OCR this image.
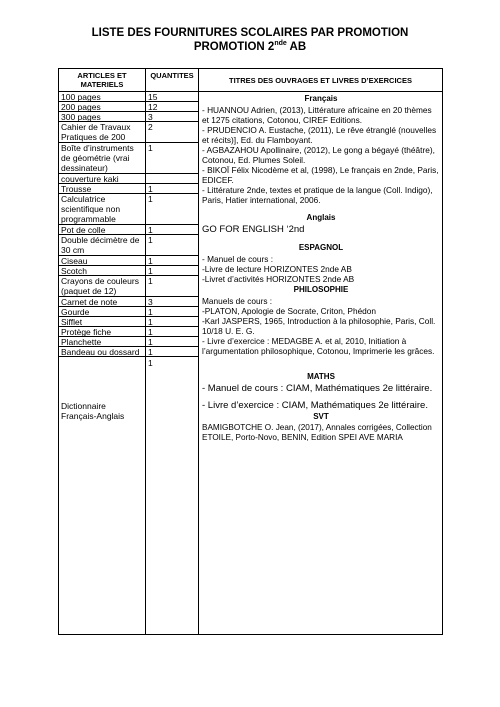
LISTE DES FOURNITURES SCOLAIRES PAR PROMOTION
PROMOTION 2nde AB
ARTICLES ET MATERIELS
QUANTITES
TITRES DES OUVRAGES ET LIVRES D’EXERCICES
100 pages
200 pages
300 pages
Cahier de Travaux Pratiques de 200
Boîte d’instruments de géométrie (vrai dessinateur)
couverture kaki
Trousse
Calculatrice scientifique non programmable
Pot de colle
Double décimètre de 30 cm
Ciseau
Scotch
Crayons de couleurs (paquet de 12)
Carnet de note
Gourde
Sifflet
Protège fiche
Planchette
Bandeau ou dossard
Dictionnaire Français-Anglais
15
12
3
2
1
1
1
1
1
1
1
1
3
1
1
1
1
1
1
Français

- HUANNOU Adrien, (2013), Littérature africaine en 20 thèmes et 1275 citations, Cotonou, CIREF Editions.

- PRUDENCIO A. Eustache, (2011), Le rêve étranglé (nouvelles et récits)], Ed. du Flamboyant.

- AGBAZAHOU Apollinaire, (2012), Le gong a bégayé (théâtre), Cotonou, Ed. Plumes Soleil.

- BIKOÏ Félix Nicodème et al, (1998), Le français en 2nde, Paris, EDICEF.

- Littérature 2nde, textes et pratique de la langue (Coll. Indigo), Paris, Hatier international, 2006.

Anglais

GO FOR ENGLISH ‘2nd

ESPAGNOL

- Manuel de cours :

-Livre de lecture HORIZONTES 2nde AB

-Livret d’activités HORIZONTES 2nde AB

PHILOSOPHIE

Manuels de cours :

-PLATON, Apologie de Socrate, Criton, Phédon

-Karl JASPERS, 1965, Introduction à la philosophie, Paris, Coll. 10/18 U. E. G.

- Livre d’exercice : MEDAGBE A. et al, 2010, Initiation à l’argumentation philosophique, Cotonou, Imprimerie les grâces.

MATHS

- Manuel de cours : CIAM, Mathématiques 2e littéraire.

- Livre d’exercice : CIAM, Mathématiques 2e littéraire.

SVT

BAMIGBOTCHE O. Jean, (2017), Annales corrigées, Collection ETOILE, Porto-Novo, BENIN, Edition SPEI AVE MARIA
